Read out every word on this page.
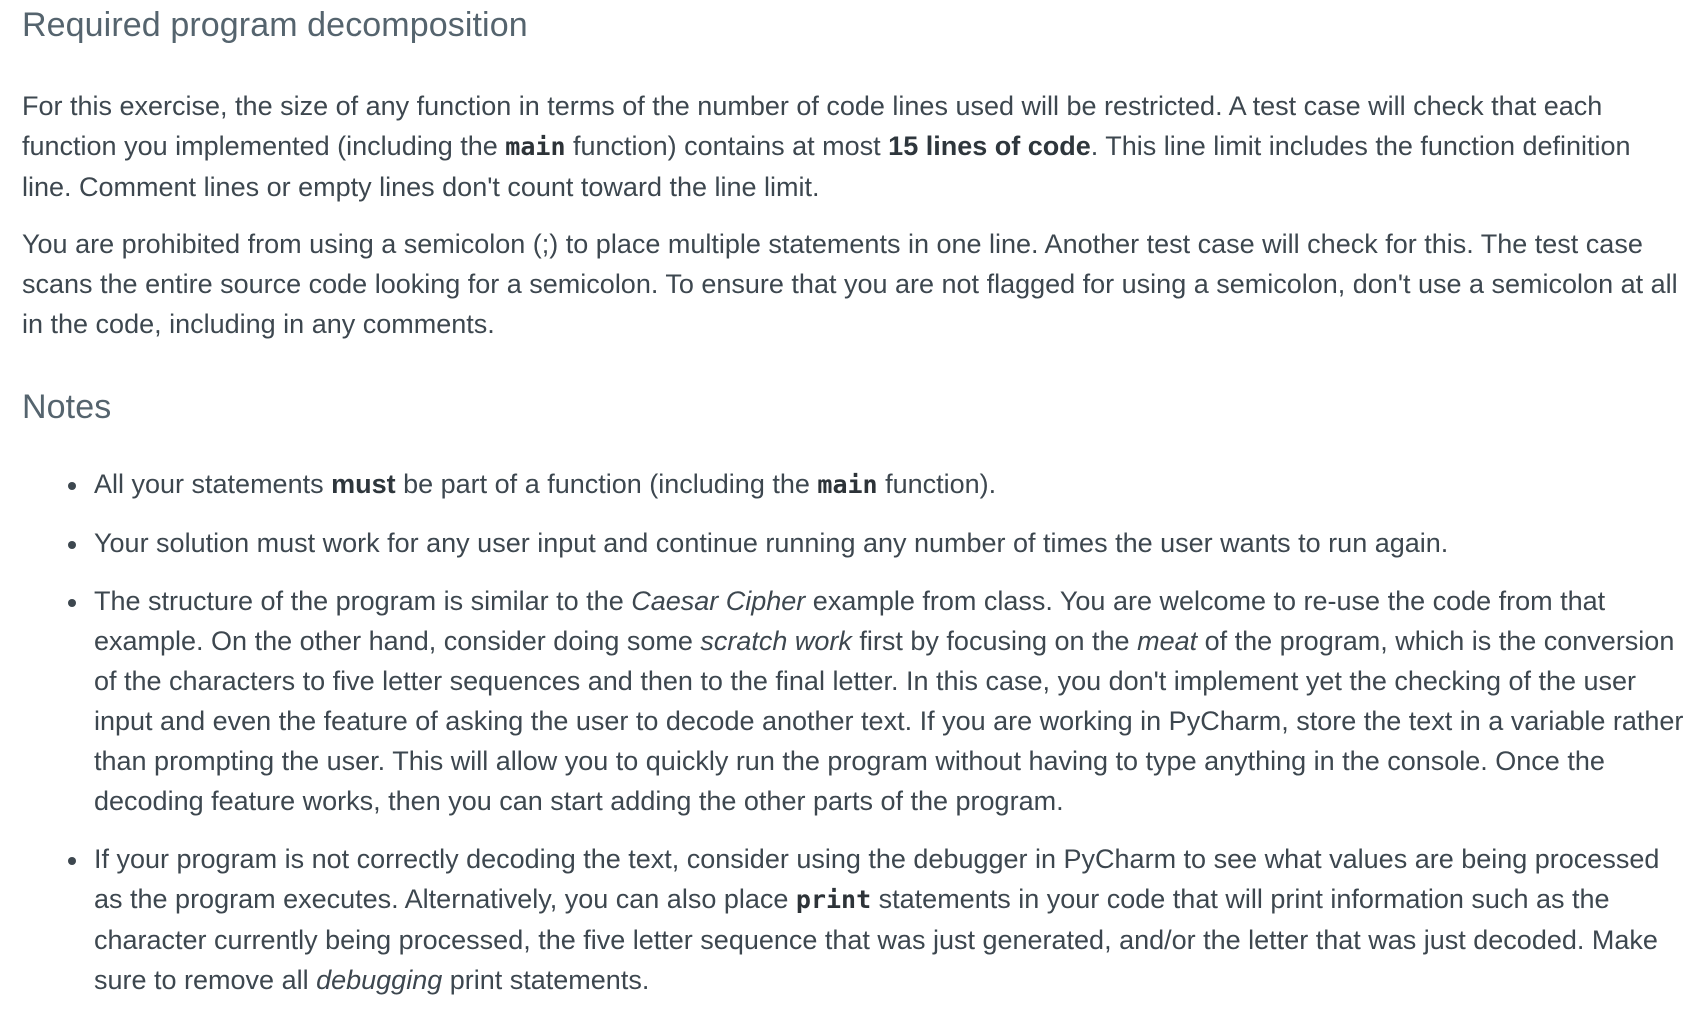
Required program decomposition

For this exercise, the size of any function in terms of the number of code lines used will be restricted. A test case will check that each function you implemented (including the main function) contains at most 15 lines of code. This line limit includes the function definition line. Comment lines or empty lines don't count toward the line limit.

You are prohibited from using a semicolon (;) to place multiple statements in one line. Another test case will check for this. The test case scans the entire source code looking for a semicolon. To ensure that you are not flagged for using a semicolon, don't use a semicolon at all in the code, including in any comments.

Notes
All your statements must be part of a function (including the main function).
Your solution must work for any user input and continue running any number of times the user wants to run again.
The structure of the program is similar to the Caesar Cipher example from class. You are welcome to re-use the code from that example. On the other hand, consider doing some scratch work first by focusing on the meat of the program, which is the conversion of the characters to five letter sequences and then to the final letter. In this case, you don't implement yet the checking of the user input and even the feature of asking the user to decode another text. If you are working in PyCharm, store the text in a variable rather than prompting the user. This will allow you to quickly run the program without having to type anything in the console. Once the decoding feature works, then you can start adding the other parts of the program.
If your program is not correctly decoding the text, consider using the debugger in PyCharm to see what values are being processed as the program executes. Alternatively, you can also place print statements in your code that will print information such as the character currently being processed, the five letter sequence that was just generated, and/or the letter that was just decoded. Make sure to remove all debugging print statements.
